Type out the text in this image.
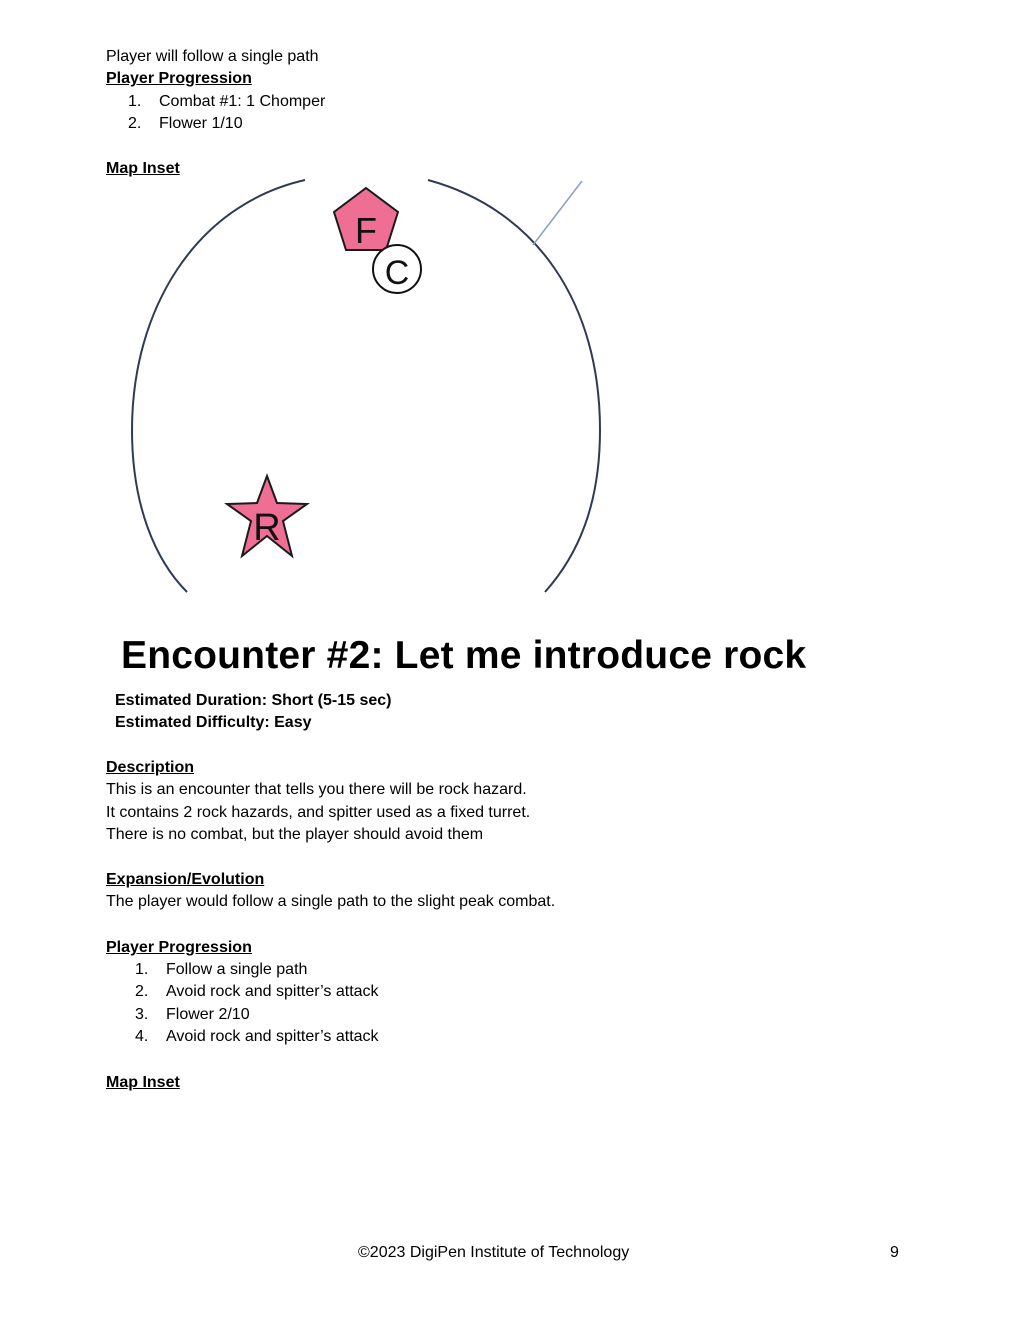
Player will follow a single path
Player Progression
1. Combat #1: 1 Chomper
2. Flower 1/10
Map Inset
F
C
R
Encounter #2: Let me introduce rock
Estimated Duration: Short (5-15 sec)
Estimated Difficulty: Easy
Description
This is an encounter that tells you there will be rock hazard.
It contains 2 rock hazards, and spitter used as a fixed turret.
There is no combat, but the player should avoid them
Expansion/Evolution
The player would follow a single path to the slight peak combat.
Player Progression
1. Follow a single path
2. Avoid rock and spitter’s attack
3. Flower 2/10
4. Avoid rock and spitter’s attack
Map Inset
©2023 DigiPen Institute of Technology	9
